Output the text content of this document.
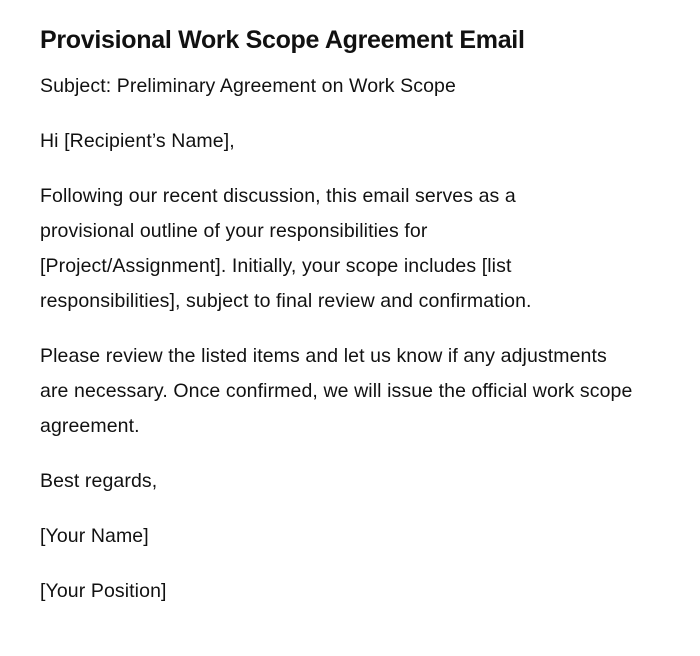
Provisional Work Scope Agreement Email

Subject: Preliminary Agreement on Work Scope

Hi [Recipient’s Name],

Following our recent discussion, this email serves as a provisional outline of your responsibilities for [Project/Assignment]. Initially, your scope includes [list responsibilities], subject to final review and confirmation.

Please review the listed items and let us know if any adjustments are necessary. Once confirmed, we will issue the official work scope agreement.

Best regards,

[Your Name]

[Your Position]
